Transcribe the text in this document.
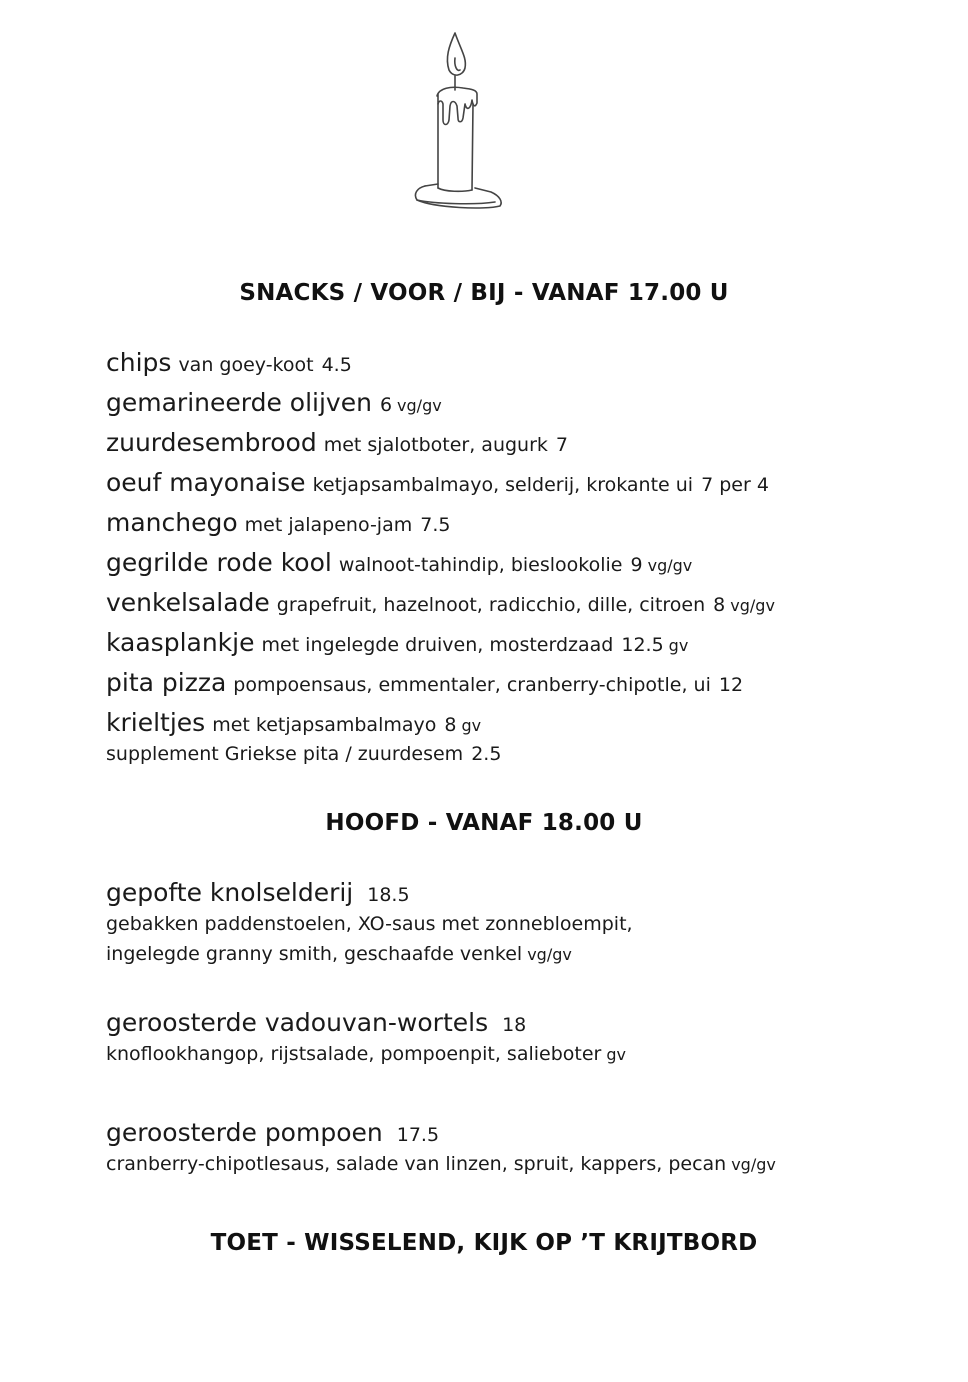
SNACKS / VOOR / BIJ - VANAF 17.00 U
chips van goey-koot 4.5
gemarineerde olijven 6 vg/gv
zuurdesembrood met sjalotboter, augurk 7
oeuf mayonaise ketjapsambalmayo, selderij, krokante ui 7 per 4
manchego met jalapeno-jam 7.5
gegrilde rode kool walnoot-tahindip, bieslookolie 9 vg/gv
venkelsalade grapefruit, hazelnoot, radicchio, dille, citroen 8 vg/gv
kaasplankje met ingelegde druiven, mosterdzaad 12.5 gv
pita pizza pompoensaus, emmentaler, cranberry-chipotle, ui 12
krieltjes met ketjapsambalmayo 8 gv
supplement Griekse pita / zuurdesem 2.5
HOOFD - VANAF 18.00 U
gepofte knolselderij 18.5
gebakken paddenstoelen, XO-saus met zonnebloempit,
ingelegde granny smith, geschaafde venkel vg/gv
geroosterde vadouvan-wortels 18
knoflookhangop, rijstsalade, pompoenpit, salieboter gv
geroosterde pompoen 17.5
cranberry-chipotlesaus, salade van linzen, spruit, kappers, pecan vg/gv
TOET - WISSELEND, KIJK OP ’T KRIJTBORD
